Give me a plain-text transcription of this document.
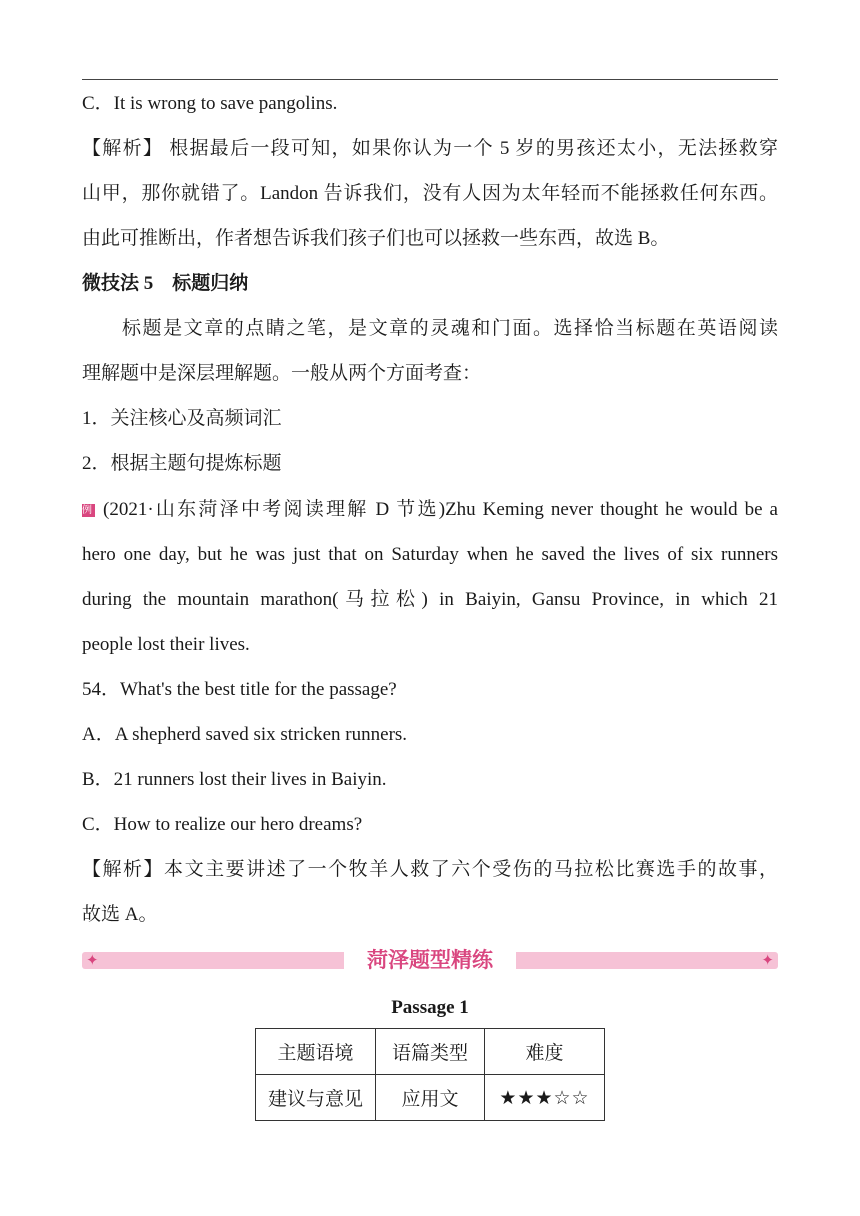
C．It is wrong to save pangolins.
【解析】 根据最后一段可知，如果你认为一个 5 岁的男孩还太小，无法拯救穿
山甲，那你就错了。Landon 告诉我们，没有人因为太年轻而不能拯救任何东西。
由此可推断出，作者想告诉我们孩子们也可以拯救一些东西，故选 B。
微技法 5　标题归纳
标题是文章的点睛之笔，是文章的灵魂和门面。选择恰当标题在英语阅读
理解题中是深层理解题。一般从两个方面考查：
1．关注核心及高频词汇
2．根据主题句提炼标题
例 (2021·山东菏泽中考阅读理解 D 节选)Zhu Keming never thought he would be a
hero one day, but he was just that on Saturday when he saved the lives of six runners
during the mountain marathon(马拉松) in Baiyin, Gansu Province, in which 21
people lost their lives.
54．What's the best title for the passage?
A．A shepherd saved six stricken runners.
B．21 runners lost their lives in Baiyin.
C．How to realize our hero dreams?
【解析】本文主要讲述了一个牧羊人救了六个受伤的马拉松比赛选手的故事，
故选 A。
✦	✦
菏泽题型精练
Passage 1
主题语境	语篇类型	难度
建议与意见	应用文	★★★☆☆
